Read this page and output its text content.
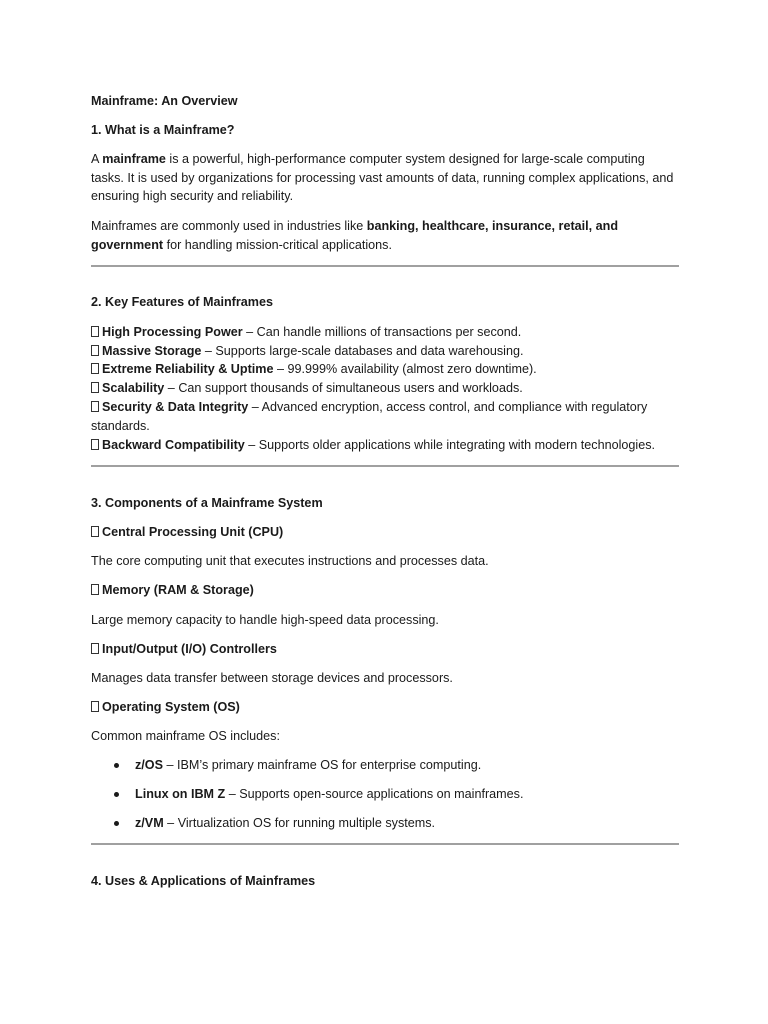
Mainframe: An Overview
1. What is a Mainframe?
A mainframe is a powerful, high-performance computer system designed for large-scale computing tasks. It is used by organizations for processing vast amounts of data, running complex applications, and ensuring high security and reliability.
Mainframes are commonly used in industries like banking, healthcare, insurance, retail, and government for handling mission-critical applications.
2. Key Features of Mainframes
High Processing Power – Can handle millions of transactions per second.
Massive Storage – Supports large-scale databases and data warehousing.
Extreme Reliability & Uptime – 99.999% availability (almost zero downtime).
Scalability – Can support thousands of simultaneous users and workloads.
Security & Data Integrity – Advanced encryption, access control, and compliance with regulatory standards.
Backward Compatibility – Supports older applications while integrating with modern technologies.
3. Components of a Mainframe System
Central Processing Unit (CPU)
The core computing unit that executes instructions and processes data.
Memory (RAM & Storage)
Large memory capacity to handle high-speed data processing.
Input/Output (I/O) Controllers
Manages data transfer between storage devices and processors.
Operating System (OS)
Common mainframe OS includes:
z/OS – IBM’s primary mainframe OS for enterprise computing.
Linux on IBM Z – Supports open-source applications on mainframes.
z/VM – Virtualization OS for running multiple systems.
4. Uses & Applications of Mainframes
